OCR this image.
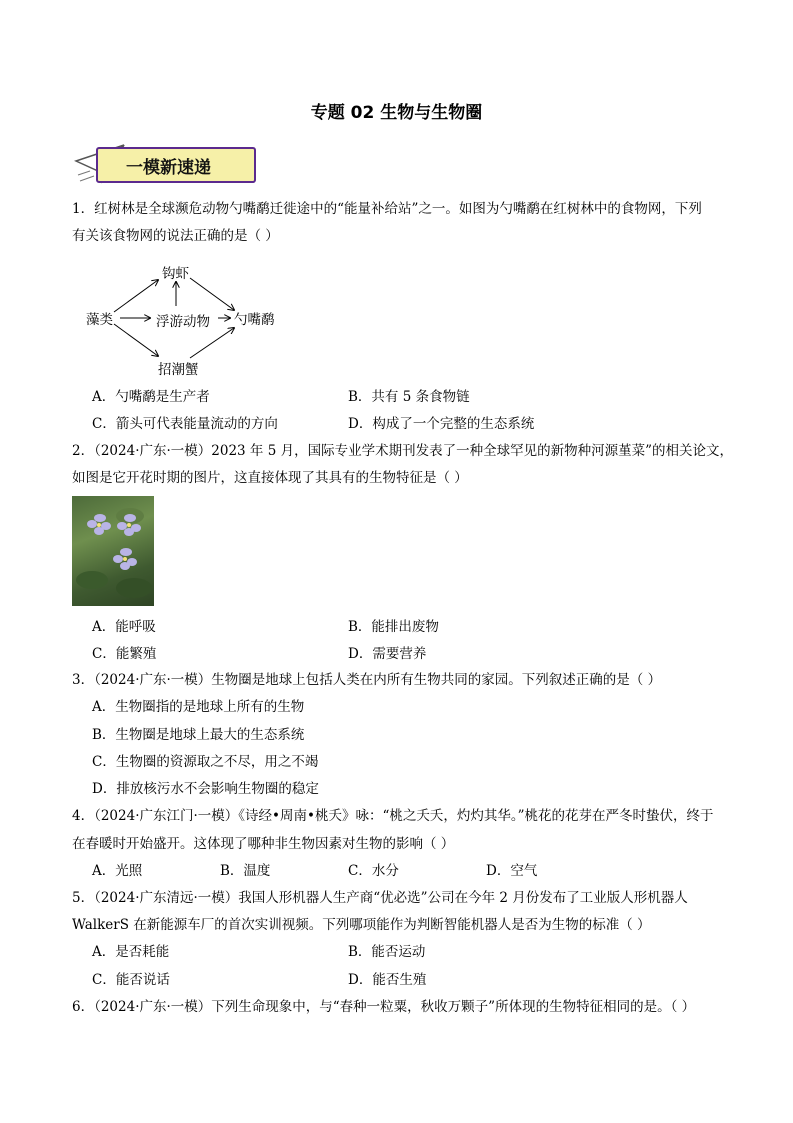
专题 02 生物与生物圈
一模新速递
1．红树林是全球濒危动物勺嘴鹬迁徙途中的“能量补给站”之一。如图为勺嘴鹬在红树林中的食物网，下列
有关该食物网的说法正确的是（ ）
钩虾
藻类	浮游动物 勺嘴鹬
招潮蟹
A．勺嘴鹬是生产者	B．共有 5 条食物链
C．箭头可代表能量流动的方向	D．构成了一个完整的生态系统
2．（2024·广东·一模）2023 年 5 月，国际专业学术期刊发表了一种全球罕见的新物种河源堇菜”的相关论文，
如图是它开花时期的图片，这直接体现了其具有的生物特征是（ ）
A．能呼吸	B．能排出废物
C．能繁殖	D．需要营养
3．（2024·广东·一模）生物圈是地球上包括人类在内所有生物共同的家园。下列叙述正确的是（ ）
A．生物圈指的是地球上所有的生物
B．生物圈是地球上最大的生态系统
C．生物圈的资源取之不尽，用之不竭
D．排放核污水不会影响生物圈的稳定
4．（2024·广东江门·一模）《诗经•周南•桃夭》咏：“桃之夭夭，灼灼其华。”桃花的花芽在严冬时蛰伏，终于
在春暖时开始盛开。这体现了哪种非生物因素对生物的影响（ ）
A．光照	B．温度	C．水分	D．空气
5．（2024·广东清远·一模）我国人形机器人生产商“优必选”公司在今年 2 月份发布了工业版人形机器人
WalkerS 在新能源车厂的首次实训视频。下列哪项能作为判断智能机器人是否为生物的标准（ ）
A．是否耗能	B．能否运动
C．能否说话	D．能否生殖
6．（2024·广东·一模）下列生命现象中，与“春种一粒粟，秋收万颗子”所体现的生物特征相同的是。（ ）
